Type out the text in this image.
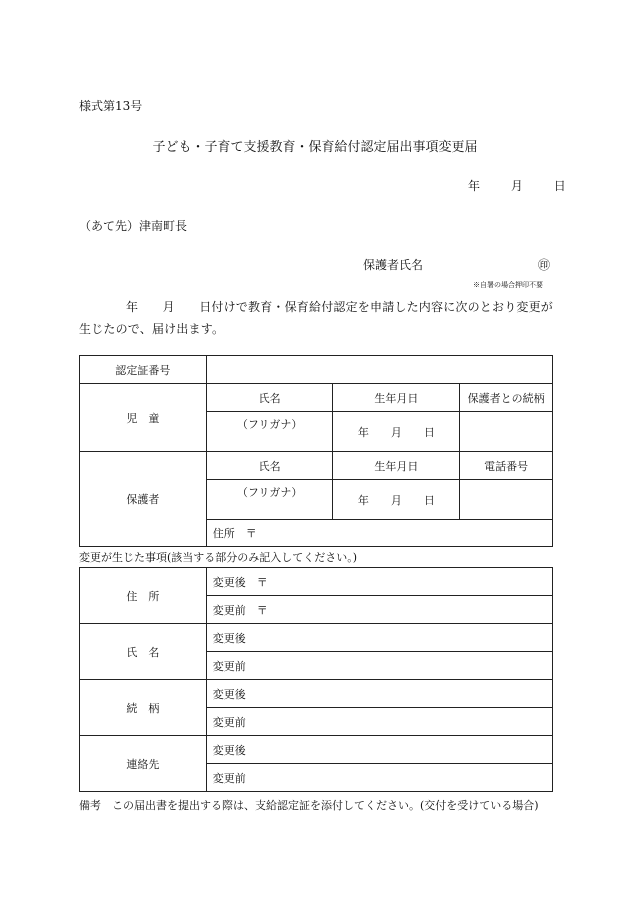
様式第13号
子ども・子育て支援教育・保育給付認定届出事項変更届
年	月	日
（あて先）津南町長
保護者氏名	㊞
※自署の場合押印不要
年　　月　　日付けで教育・保育給付認定を申請した内容に次のとおり変更が生じたので、届け出ます。
認定証番号			
児　童	氏名	生年月日	保護者との続柄
	（フリガナ）	年 月 日	
保護者	氏名	生年月日	電話番号
	（フリガナ）	年 月 日	
	住所　〒		
変更が生じた事項(該当する部分のみ記入してください。)
住　所	変更後　〒
	変更前　〒
氏　名	変更後
	変更前
続　柄	変更後
	変更前
連絡先	変更後
	変更前
備考　この届出書を提出する際は、支給認定証を添付してください。(交付を受けている場合)
